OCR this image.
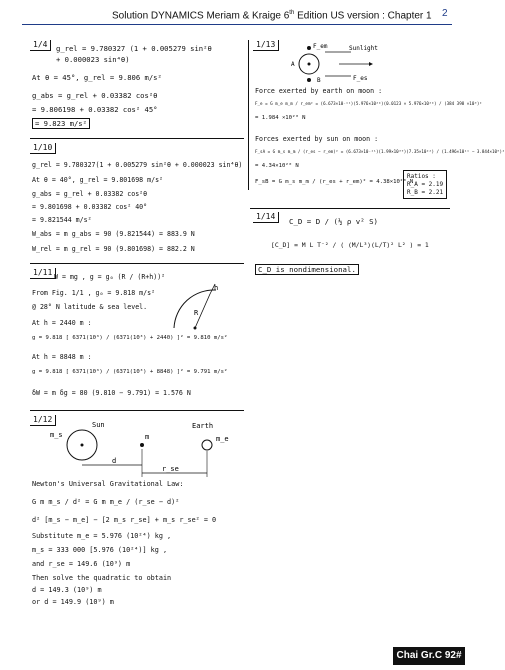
Solution DYNAMICS Meriam & Kraige 6th Edition US version : Chapter 1 2
1/4	g_rel = 9.780327 (1 + 0.005279 sin²θ
+ 0.000023 sin⁴θ)
At θ = 45°, g_rel = 9.806 m/s²
g_abs = g_rel + 0.03382 cos²θ
= 9.806198 + 0.03382 cos² 45°
= 9.823 m/s²
1/10
g_rel = 9.780327(1 + 0.005279 sin²θ + 0.000023 sin⁴θ)
At θ = 40°, g_rel = 9.801698 m/s²
g_abs = g_rel + 0.03382 cos²θ
= 9.801698 + 0.03382 cos² 40°
= 9.821544 m/s²
W_abs = m g_abs = 90 (9.821544) = 883.9 N
W_rel = m g_rel = 90 (9.801698) = 882.2 N
1/11 W = mg , g = g₀ (R / (R+h))²
From Fig. 1/1 , g₀ = 9.818 m/s²
@ 28° N latitude & sea level.
At h = 2440 m :
g = 9.818 [ 6371(10³) / (6371(10³) + 2440) ]² = 9.810 m/s²
At h = 8848 m :
g = 9.818 [ 6371(10³) / (6371(10³) + 8848) ]² = 9.791 m/s²
δW = m δg = 80 (9.810 − 9.791) = 1.576 N
h
R
1/12
Sun
m_s
Earth
m_e
m
d
r_se
Newton's Universal Gravitational Law:
G m m_s / d² = G m m_e / (r_se − d)²
d² [m_s − m_e] − [2 m_s r_se] + m_s r_se² = 0
Substitute m_e = 5.976 (10²⁴) kg ,
m_s = 333 000 [5.976 (10²⁴)] kg ,
and r_se = 149.6 (10⁹) m
Then solve the quadratic to obtain
d = 149.3 (10⁹) m
or d = 149.9 (10⁹) m
1/13	F_em	Sunlight
F_es
A
B
Force exerted by earth on moon :
F_e = G m_e m_m / r_em² = (6.673×10⁻¹¹)(5.976×10²⁴)(0.0123 × 5.976×10²⁴) / (384 398 ×10³)²
= 1.984 ×10²⁰ N
Forces exerted by sun on moon :
F_sA = G m_s m_m / (r_es − r_em)² = (6.673×10⁻¹¹)(1.99×10³⁰)(7.35×10²²) / (1.496×10¹¹ − 3.844×10⁸)²
= 4.34×10²⁰ N
F_sB = G m_s m_m / (r_es + r_em)² = 4.38×10²⁰ N
Ratios :
R_A = 2.19
R_B = 2.21
1/14
C_D = D / (½ ρ v² S)
[C_D] = M L T⁻² / ( (M/L³)(L/T)² L² ) = 1
C_D is nondimensional.
Chai Gr.C 92#
